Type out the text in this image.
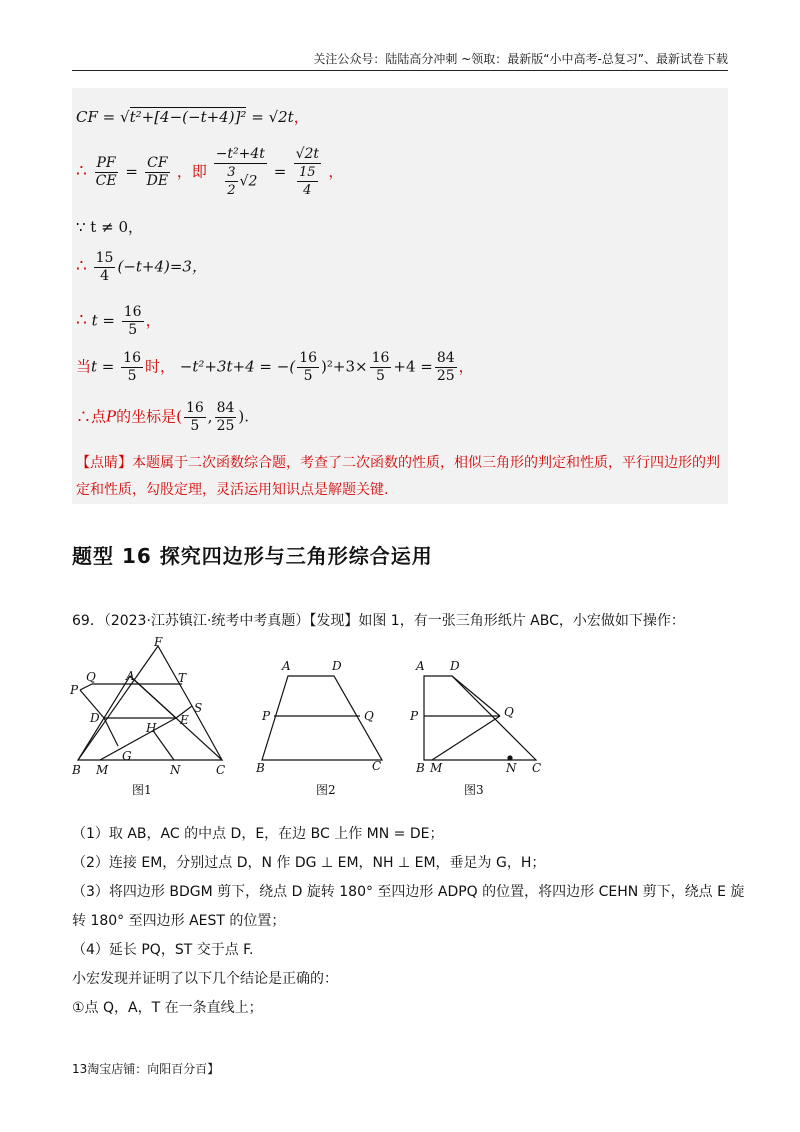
关注公众号：陆陆高分冲刺 ~领取：最新版“小中高考-总复习”、最新试卷下载
CF = √t²+[4−(−t+4)]² = √2t，
∴ $\frac{PF}{CE} = \frac{CF}{DE}$ ，即 $\frac{\text{−t²+4t}}{\frac{3}{2} √2} = \frac{√2t}{\frac{15}{4}}$ ，
∵ t ≠ 0，
∴ $\frac{15}{4} (-t+4)=3$，
∴ $t = \frac{16}{5}$ ，
当$t = \frac{16}{5}$ 时， −t²+3t+4 = −( $\frac{16}{5} )^2+3\times \frac{16}{5} +4 = \frac{84}{25}$ ，
∴点P的坐标是( $\frac{16}{5}$ , $\frac{84}{25}$ ).
【点睛】本题属于二次函数综合题，考查了二次函数的性质，相似三角形的判定和性质，平行四边形的判定和性质，勾股定理，灵活运用知识点是解题关键.
题型 16 探究四边形与三角形综合运用
69．（2023·江苏镇江·统考中考真题）【发现】如图 1，有一张三角形纸片 ABC，小宏做如下操作：
F
Q	A	T
P
S
D
H
E
G
B M	N	C
图1
A	D
P	Q
B	C
图2
A D
P	Q
B M	N C
图3
（1）取 AB，AC 的中点 D，E，在边 BC 上作 MN = DE；
（2）连接 EM，分别过点 D，N 作 DG ⊥ EM，NH ⊥ EM，垂足为 G，H；
（3）将四边形 BDGM 剪下，绕点 D 旋转 180° 至四边形 ADPQ 的位置，将四边形 CEHN 剪下，绕点 E 旋
转 180° 至四边形 AEST 的位置；
（4）延长 PQ，ST 交于点 F.
小宏发现并证明了以下几个结论是正确的：
①点 Q，A，T 在一条直线上；
13淘宝店铺：向阳百分百】
